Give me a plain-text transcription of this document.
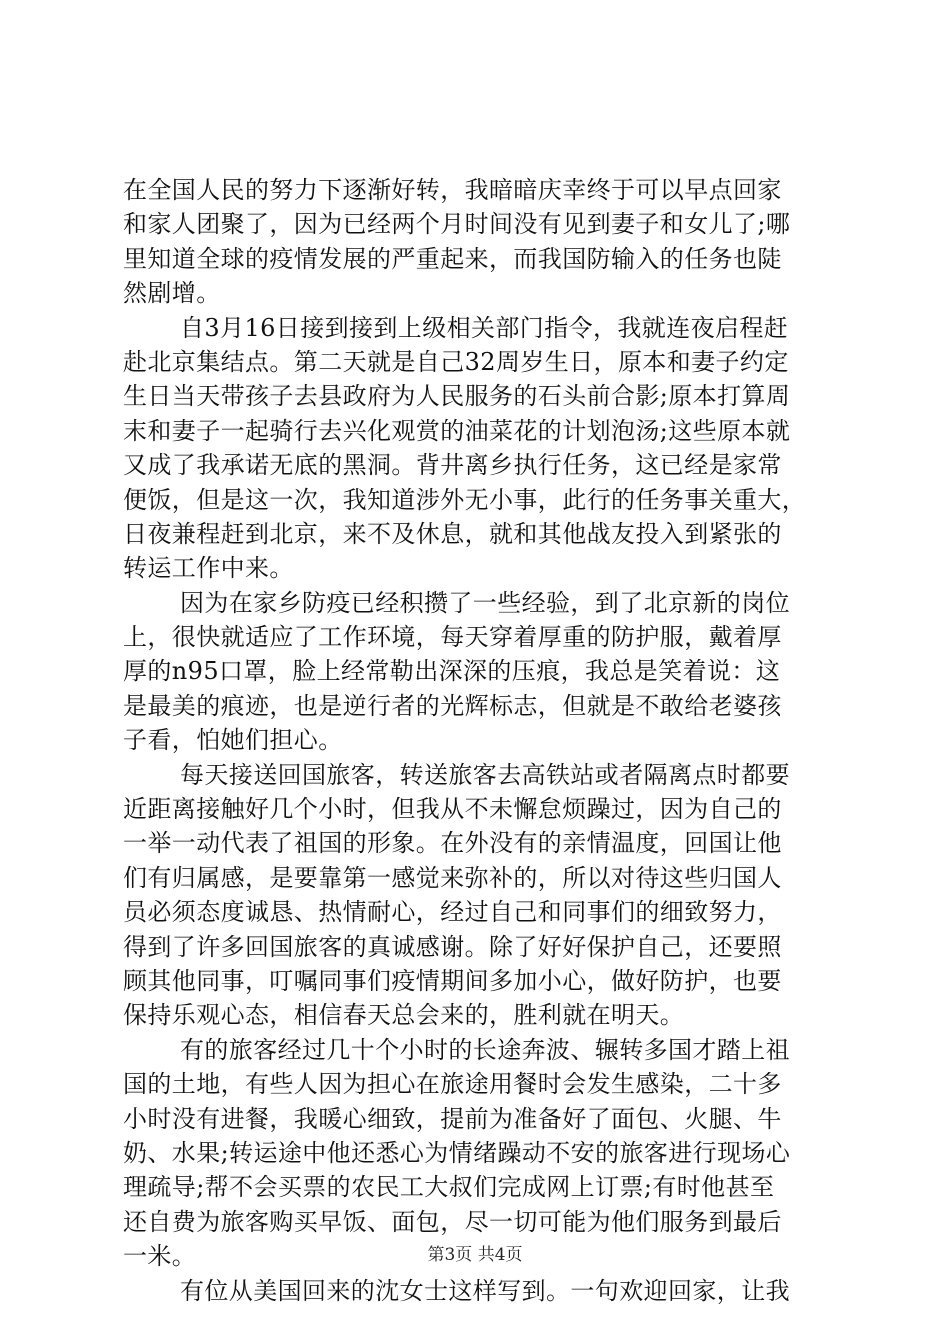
在全国人民的努力下逐渐好转，我暗暗庆幸终于可以早点回家
和家人团聚了，因为已经两个月时间没有见到妻子和女儿了;哪
里知道全球的疫情发展的严重起来，而我国防输入的任务也陡
然剧增。
自3月16日接到接到上级相关部门指令，我就连夜启程赶
赴北京集结点。第二天就是自己32周岁生日，原本和妻子约定
生日当天带孩子去县政府为人民服务的石头前合影;原本打算周
末和妻子一起骑行去兴化观赏的油菜花的计划泡汤;这些原本就
又成了我承诺无底的黑洞。背井离乡执行任务，这已经是家常
便饭，但是这一次，我知道涉外无小事，此行的任务事关重大，
日夜兼程赶到北京，来不及休息，就和其他战友投入到紧张的
转运工作中来。
因为在家乡防疫已经积攒了一些经验，到了北京新的岗位
上，很快就适应了工作环境，每天穿着厚重的防护服，戴着厚
厚的n95口罩，脸上经常勒出深深的压痕，我总是笑着说：这
是最美的痕迹，也是逆行者的光辉标志，但就是不敢给老婆孩
子看，怕她们担心。
每天接送回国旅客，转送旅客去高铁站或者隔离点时都要
近距离接触好几个小时，但我从不未懈怠烦躁过，因为自己的
一举一动代表了祖国的形象。在外没有的亲情温度，回国让他
们有归属感，是要靠第一感觉来弥补的，所以对待这些归国人
员必须态度诚恳、热情耐心，经过自己和同事们的细致努力，
得到了许多回国旅客的真诚感谢。除了好好保护自己，还要照
顾其他同事，叮嘱同事们疫情期间多加小心，做好防护，也要
保持乐观心态，相信春天总会来的，胜利就在明天。
有的旅客经过几十个小时的长途奔波、辗转多国才踏上祖
国的土地，有些人因为担心在旅途用餐时会发生感染，二十多
小时没有进餐，我暖心细致，提前为准备好了面包、火腿、牛
奶、水果;转运途中他还悉心为情绪躁动不安的旅客进行现场心
理疏导;帮不会买票的农民工大叔们完成网上订票;有时他甚至
还自费为旅客购买早饭、面包，尽一切可能为他们服务到最后
一米。
有位从美国回来的沈女士这样写到。一句欢迎回家，让我
第3页 共4页
